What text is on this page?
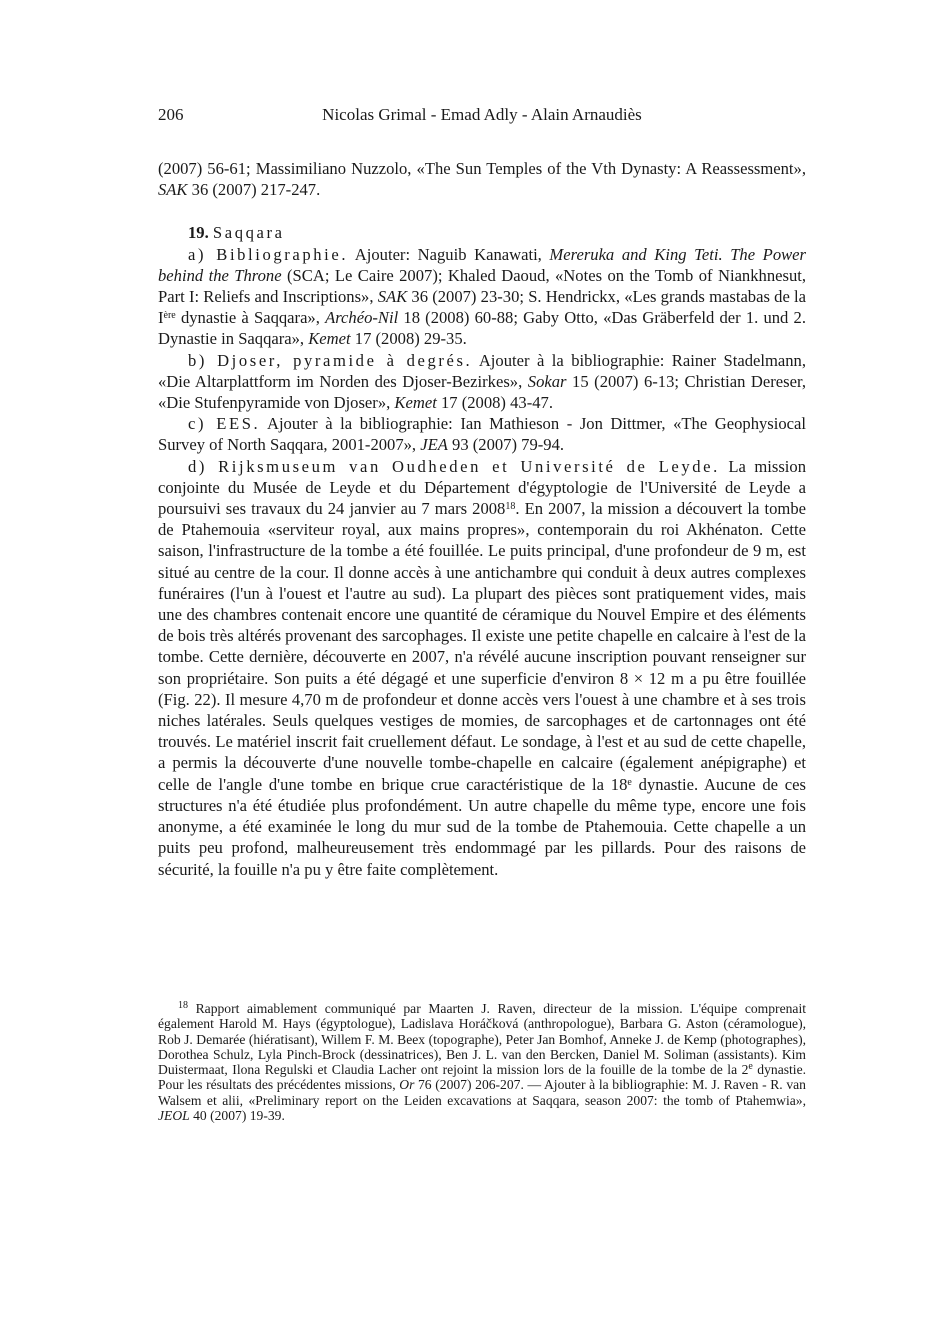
206	Nicolas Grimal - Emad Adly - Alain Arnaudiès

(2007) 56-61; Massimiliano Nuzzolo, «The Sun Temples of the Vth Dynasty: A Reassessment», SAK 36 (2007) 217-247.

19. Saqqara

a) Bibliographie. Ajouter: Naguib Kanawati, Mereruka and King Teti. The Power behind the Throne (SCA; Le Caire 2007); Khaled Daoud, «Notes on the Tomb of Niankhnesut, Part I: Reliefs and Inscriptions», SAK 36 (2007) 23-30; S. Hendrickx, «Les grands mastabas de la Ière dynastie à Saqqara», Archéo-Nil 18 (2008) 60-88; Gaby Otto, «Das Gräberfeld der 1. und 2. Dynastie in Saqqara», Kemet 17 (2008) 29-35.

b) Djoser, pyramide à degrés. Ajouter à la bibliographie: Rainer Stadelmann, «Die Altarplattform im Norden des Djoser-Bezirkes», Sokar 15 (2007) 6-13; Christian Dereser, «Die Stufenpyramide von Djoser», Kemet 17 (2008) 43-47.

c) EES. Ajouter à la bibliographie: Ian Mathieson - Jon Dittmer, «The Geophysiocal Survey of North Saqqara, 2001-2007», JEA 93 (2007) 79-94.

d) Rijksmuseum van Oudheden et Université de Leyde. La mission conjointe du Musée de Leyde et du Département d'égyptologie de l'Université de Leyde a poursuivi ses travaux du 24 janvier au 7 mars 2008$^{18}$. En 2007, la mission a découvert la tombe de Ptahemouia «serviteur royal, aux mains propres», contemporain du roi Akhénaton. Cette saison, l'infrastructure de la tombe a été fouillée. Le puits principal, d'une profondeur de 9 m, est situé au centre de la cour. Il donne accès à une antichambre qui conduit à deux autres complexes funéraires (l'un à l'ouest et l'autre au sud). La plupart des pièces sont pratiquement vides, mais une des chambres contenait encore une quantité de céramique du Nouvel Empire et des éléments de bois très altérés provenant des sarcophages. Il existe une petite chapelle en calcaire à l'est de la tombe. Cette dernière, découverte en 2007, n'a révélé aucune inscription pouvant renseigner sur son propriétaire. Son puits a été dégagé et une superficie d'environ 8 × 12 m a pu être fouillée (Fig. 22). Il mesure 4,70 m de profondeur et donne accès vers l'ouest à une chambre et à ses trois niches latérales. Seuls quelques vestiges de momies, de sarcophages et de cartonnages ont été trouvés. Le matériel inscrit fait cruellement défaut. Le sondage, à l'est et au sud de cette chapelle, a permis la découverte d'une nouvelle tombe-chapelle en calcaire (également anépigraphe) et celle de l'angle d'une tombe en brique crue caractéristique de la 18e dynastie. Aucune de ces structures n'a été étudiée plus profondément. Un autre chapelle du même type, encore une fois anonyme, a été examinée le long du mur sud de la tombe de Ptahemouia. Cette chapelle a un puits peu profond, malheureusement très endommagé par les pillards. Pour des raisons de sécurité, la fouille n'a pu y être faite complètement.

$^{18}$ Rapport aimablement communiqué par Maarten J. Raven, directeur de la mission. L'équipe comprenait également Harold M. Hays (égyptologue), Ladislava Horáčková (anthropologue), Barbara G. Aston (céramologue), Rob J. Demarée (hiératisant), Willem F. M. Beex (topographe), Peter Jan Bomhof, Anneke J. de Kemp (photographes), Dorothea Schulz, Lyla Pinch-Brock (dessinatrices), Ben J. L. van den Bercken, Daniel M. Soliman (assistants). Kim Duistermaat, Ilona Regulski et Claudia Lacher ont rejoint la mission lors de la fouille de la tombe de la 2e dynastie. Pour les résultats des précédentes missions, Or 76 (2007) 206-207. — Ajouter à la bibliographie: M. J. Raven - R. van Walsem et alii, «Preliminary report on the Leiden excavations at Saqqara, season 2007: the tomb of Ptahemwia», JEOL 40 (2007) 19-39.
